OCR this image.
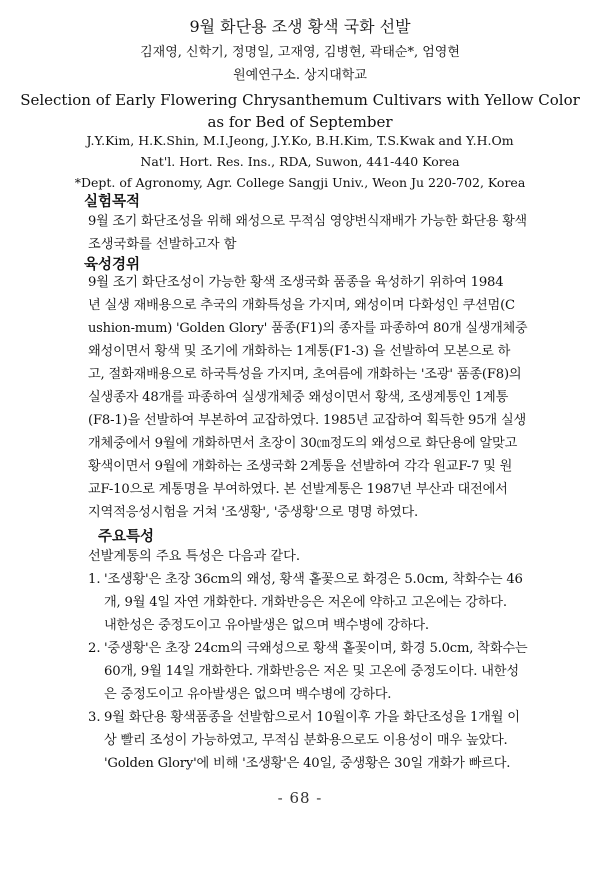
9월 화단용 조생 황색 국화 선발
김재영, 신학기, 정명일, 고재영, 김병현, 곽태순*, 엄영현
원예연구소. 상지대학교
Selection of Early Flowering Chrysanthemum Cultivars with Yellow Color
as for Bed of September
J.Y.Kim, H.K.Shin, M.I.Jeong, J.Y.Ko, B.H.Kim, T.S.Kwak and Y.H.Om
Nat'l. Hort. Res. Ins., RDA, Suwon, 441-440 Korea
*Dept. of Agronomy, Agr. College Sangji Univ., Weon Ju 220-702, Korea
실험목적
9월 조기 화단조성을 위해 왜성으로 무적심 영양번식재배가 가능한 화단용 황색
조생국화를 선발하고자 함
육성경위
9월 조기 화단조성이 가능한 황색 조생국화 품종을 육성하기 위하여 1984
년 실생 재배용으로 추국의 개화특성을 가지며, 왜성이며 다화성인 쿠션멈(C
ushion-mum) 'Golden Glory' 품종(F1)의 종자를 파종하여 80개 실생개체중
왜성이면서 황색 및 조기에 개화하는 1계통(F1-3) 을 선발하여 모본으로 하
고, 절화재배용으로 하국특성을 가지며, 초여름에 개화하는 '조광' 품종(F8)의
실생종자 48개를 파종하여 실생개체중 왜성이면서 황색, 조생계통인 1계통
(F8-1)을 선발하여 부본하여 교잡하였다. 1985년 교잡하여 획득한 95개 실생
개체중에서 9월에 개화하면서 초장이 30㎝정도의 왜성으로 화단용에 알맞고
황색이면서 9월에 개화하는 조생국화 2계통을 선발하여 각각 원교F-7 및 원
교F-10으로 계통명을 부여하였다. 본 선발계통은 1987년 부산과 대전에서
지역적응성시험을 거쳐 '조생황', '중생황'으로 명명 하였다.
주요특성
선발계통의 주요 특성은 다음과 같다.
1. '조생황'은 초장 36cm의 왜성, 황색 홑꽃으로 화경은 5.0cm, 착화수는 46
개, 9월 4일 자연 개화한다. 개화반응은 저온에 약하고 고온에는 강하다.
내한성은 중정도이고 유아발생은 없으며 백수병에 강하다.
2. '중생황'은 초장 24cm의 극왜성으로 황색 홑꽃이며, 화경 5.0cm, 착화수는
60개, 9월 14일 개화한다. 개화반응은 저온 및 고온에 중정도이다. 내한성
은 중정도이고 유아발생은 없으며 백수병에 강하다.
3. 9월 화단용 황색품종을 선발함으로서 10월이후 가을 화단조성을 1개월 이
상 빨리 조성이 가능하였고, 무적심 분화용으로도 이용성이 매우 높았다.
'Golden Glory'에 비해 '조생황'은 40일, 중생황은 30일 개화가 빠르다.
- 68 -
